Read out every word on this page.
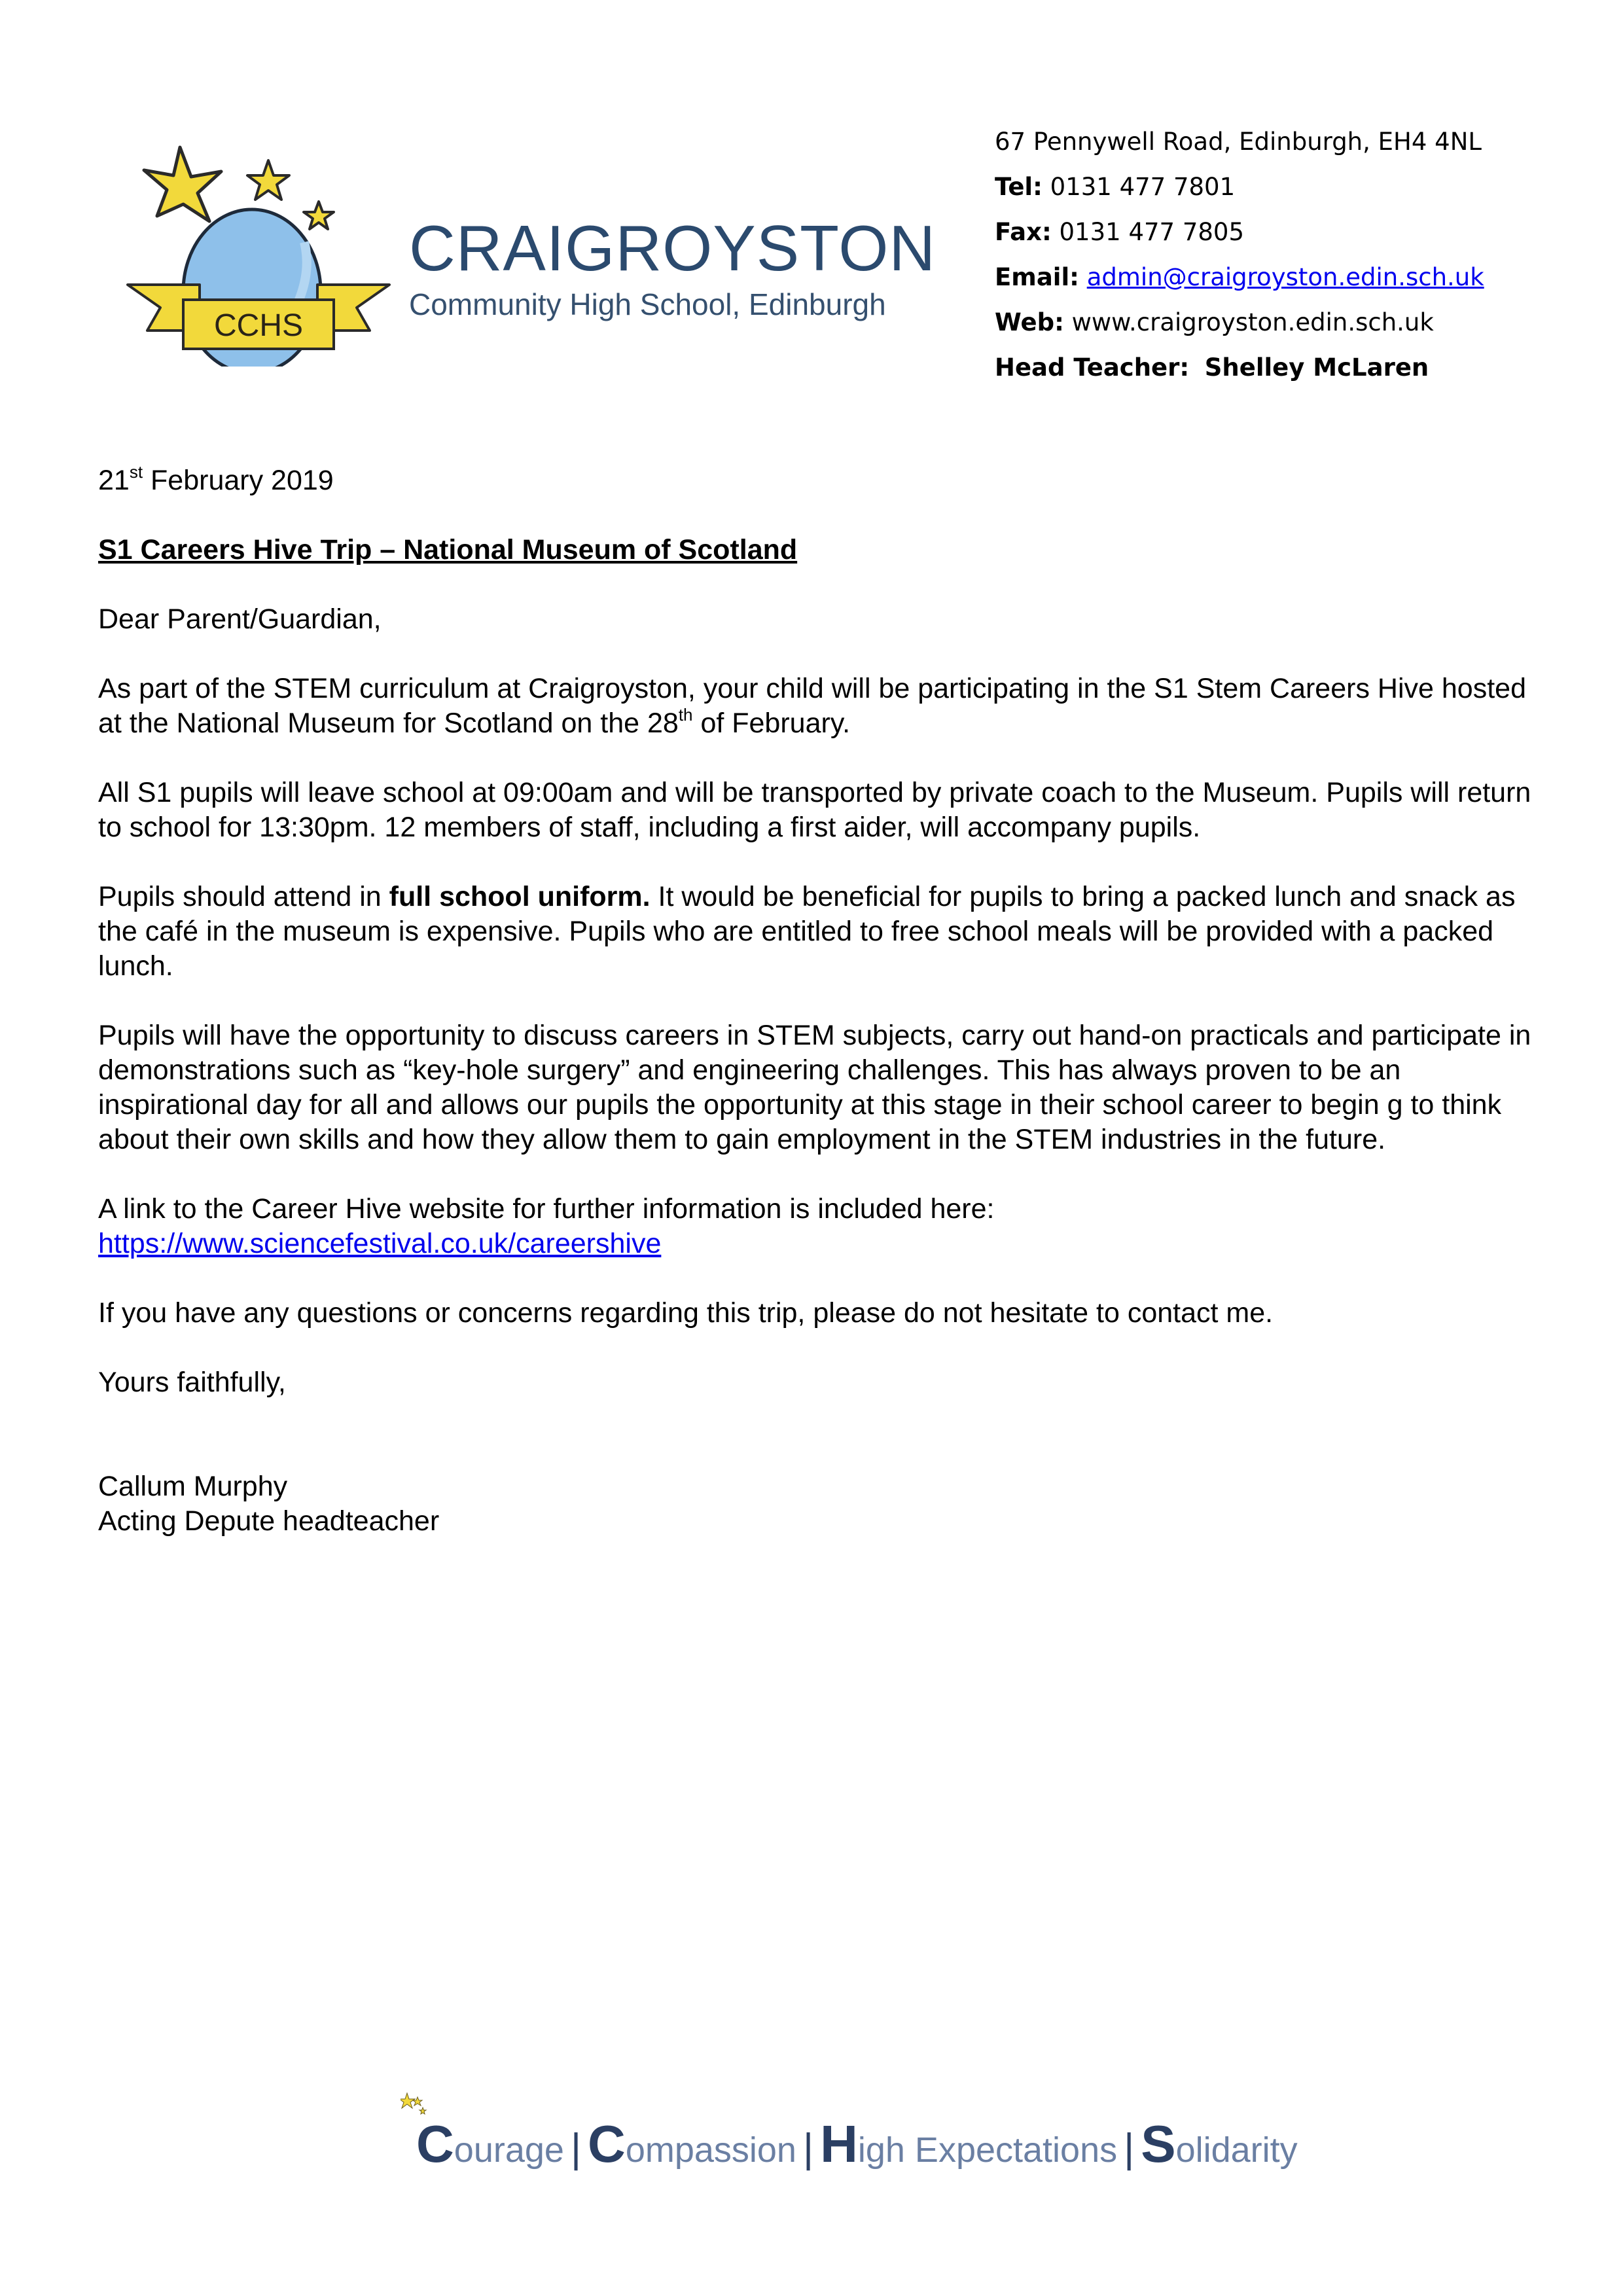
CCHS
CRAIGROYSTON
Community High School, Edinburgh
67 Pennywell Road, Edinburgh, EH4 4NL
Tel: 0131 477 7801
Fax: 0131 477 7805
Email: admin@craigroyston.edin.sch.uk
Web: www.craigroyston.edin.sch.uk
Head Teacher: Shelley McLaren

21st February 2019

S1 Careers Hive Trip – National Museum of Scotland

Dear Parent/Guardian,

As part of the STEM curriculum at Craigroyston, your child will be participating in the S1 Stem Careers Hive hosted at the National Museum for Scotland on the 28th of February.

All S1 pupils will leave school at 09:00am and will be transported by private coach to the Museum. Pupils will return to school for 13:30pm. 12 members of staff, including a first aider, will accompany pupils.

Pupils should attend in full school uniform. It would be beneficial for pupils to bring a packed lunch and snack as the café in the museum is expensive. Pupils who are entitled to free school meals will be provided with a packed lunch.

Pupils will have the opportunity to discuss careers in STEM subjects, carry out hand-on practicals and participate in demonstrations such as “key-hole surgery” and engineering challenges. This has always proven to be an inspirational day for all and allows our pupils the opportunity at this stage in their school career to begin g to think about their own skills and how they allow them to gain employment in the STEM industries in the future.

A link to the Career Hive website for further information is included here:

https://www.sciencefestival.co.uk/careershive

If you have any questions or concerns regarding this trip, please do not hesitate to contact me.

Yours faithfully,

Callum Murphy

Acting Depute headteacher

Courage | Compassion | High Expectations | Solidarity
